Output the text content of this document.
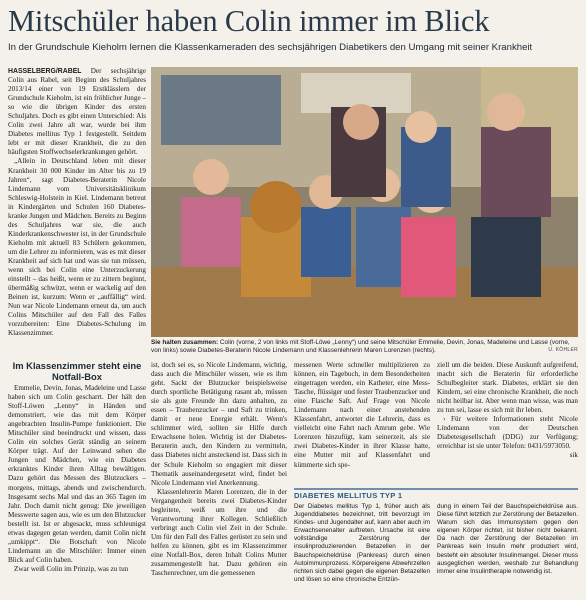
Mitschüler haben Colin immer im Blick
In der Grundschule Kieholm lernen die Klassenkameraden des sechsjährigen Diabetikers den Umgang mit seiner Krankheit

HASSELBERG/RABEL Der sechsjährige Colin aus Rabel, seit Beginn des Schuljahres 2013/14 einer von 19 Erstklässlern der Grundschule Kieholm, ist ein fröhlicher Junge – so wie die übrigen Kinder des ersten Schuljahrs. Doch es gibt einen Unterschied: Als Colin zwei Jahre alt war, wurde bei ihm Diabetes mellitus Typ 1 festgestellt. Seitdem lebt er mit dieser Krankheit, die zu den häufigsten Stoffwechselerkrankungen gehört.

„Allein in Deutschland leben mit dieser Krankheit 30 000 Kinder im Alter bis zu 19 Jahren“, sagt Diabetes-Beraterin Nicole Lindemann vom Universitätsklinikum Schleswig-Holstein in Kiel. Lindemann betreut in Kindergärten und Schulen 160 Diabetes-kranke Jungen und Mädchen. Bereits zu Beginn des Schuljahres war sie, die auch Kinderkrankenschwester ist, in der Grundschule Kieholm mit aktuell 83 Schülern gekommen, um die Lehrer zu informieren, was es mit dieser Krankheit auf sich hat und was sie tun müssen, wenn sich bei Colin eine Unterzuckerung einstellt – das heißt, wenn er zu zittern beginnt, übermäßig schwitzt, wenn er wackelig auf den Beinen ist, kurzum: Wenn er „auffällig“ wird. Nun war Nicole Lindemann erneut da, um auch Colins Mitschüler auf den Fall des Falles vorzubereiten: Eine Diabetes-Schulung im Klassenzimmer.

Sie halten zusammen: Colin (vorne, 2 von links mit Stoff-Löwe „Lenny“) und seine Mitschüler Emmelie, Devin, Jonas, Madeleine und Lasse (vorne, von links) sowie Diabetes-Beraterin Nicole Lindemann und Klassenlehrerin Maren Lorenzen (rechts).	U. KÖHLER
Im Klassenzimmer steht eine Notfall-Box

Emmelie, Devin, Jonas, Madeleine und Lasse haben sich um Colin gescharrt. Der hält den Stoff-Löwen „Lenny“ in Händen und demonstriert, wie das mit dem Körper angebrachten Insulin-Pumpe funktioniert. Die Mitschüler sind beeindruckt und wissen, dass Colin ein solches Gerät ständig an seinem Körper trägt. Auf der Leinwand sehen die Jungen und Mädchen, wie ein Diabetes erkranktes Kinder ihren Alltag bewältigen. Dazu gehört das Messen des Blutzuckers – morgens, mittags, abends und zwischendurch. Insgesamt sechs Mal und das an 365 Tagen im Jahr. Doch damit nicht genug: Die jeweiligen Messwerte sagen aus, wie es um den Blutzucker bestellt ist. Ist er abgesackt, muss schleunigst etwas dagegen getan werden, damit Colin nicht „umkippt“. Die Botschaft von Nicole Lindemann an die Mitschüler: Immer einen Blick auf Colin haben.

Zwar weiß Colin im Prinzip, was zu tun

ist, doch sei es, so Nicole Lindemann, wichtig, dass auch die Mitschüler wissen, wie es ihm geht. Sackt der Blutzucker beispielsweise durch sportliche Betätigung rasant ab, müssen sie als gute Freunde ihn dazu anhalten, zu essen – Traubenzucker – und Saft zu trinken, damit er neue Energie erhält. Wenn's schlimmer wird, sollten sie Hilfe durch Erwachsene holen. Wichtig ist der Diabetes-Beraterin auch, den Kindern zu vermitteln, dass Diabetes nicht ansteckend ist. Dass sich in der Schule Kieholm so engagiert mit dieser Thematik auseinandergesetzt wird, findet bei Nicole Lindemann viel Anerkennung.

Klassenlehrerin Maren Lorenzen, die in der Vergangenheit bereits zwei Diabetes-Kinder begleitete, weiß um ihre und die Verantwortung ihrer Kollegen. Schließlich verbringt auch Colin viel Zeit in der Schule. Um für den Fall des Falles gerüstet zu sein und helfen zu können, gibt es im Klassenzimmer eine Notfall-Box, deren Inhalt Colins Mutter zusammengestellt hat. Dazu gehören ein Taschenrechner, um die gemessenen

messenen Werte schneller multiplizieren zu können, ein Tagebuch, in dem Besonderheiten eingetragen werden, ein Katheter, eine Mess-Tasche, flüssiger und fester Traubenzucker und eine Flasche Saft. Auf Frage von Nicole Lindemann nach einer anstehenden Klassenfahrt, antwortet die Lehrerin, dass es vielleicht eine Fahrt nach Amrum gebe. Wie Lorenzen hinzufügt, kam seinerzeit, als sie zwei Diabetes-Kinder in ihrer Klasse hatte, eine Mutter mit auf Klassenfahrt und kümmerte sich spe-

ziell um die beiden. Diese Auskunft aufgreifend, macht sich die Beraterin für erforderliche Schulbegleiter stark. Diabetes, erklärt sie den Kindern, sei eine chronische Krankheit, die noch nicht heilbar ist. Aber wenn man wisse, was man zu tun sei, lasse es sich mit ihr leben.

› Für weitere Informationen steht Nicole Lindemann von der Deutschen Diabetesgesellschaft (DDG) zur Verfügung; erreichbar ist sie unter Telefon: 0431/5973050.

sik

DIABETES MELLITUS TYP 1

Der Diabetes mellitus Typ 1, früher auch als Jugenddiabetes bezeichnet, tritt bevorzugt im Kindes- und Jugendalter auf, kann aber auch im Erwachsenenalter auftreten. Ursache ist eine vollständige Zerstörung der insulinproduzierenden Betazellen in der Bauchspeicheldrüse (Pankreas) durch einen Autoimmunprozess. Körpereigene Abwehrzellen richten sich dabei gegen die eigenen Betazellen und lösen so eine chronische Entzün-

dung in einem Teil der Bauchspeicheldrüse aus. Diese führt letztlich zur Zerstörung der Betazellen. Warum sich das Immunsystem gegen den eigenen Körper richtet, ist bisher nicht bekannt. Da nach der Zerstörung der Betazellen im Pankreas kein Insulin mehr produziert wird, besteht ein absoluter Insulinmangel. Dieser muss ausgeglichen werden, weshalb zur Behandlung immer eine Insulintherapie notwendig ist.
